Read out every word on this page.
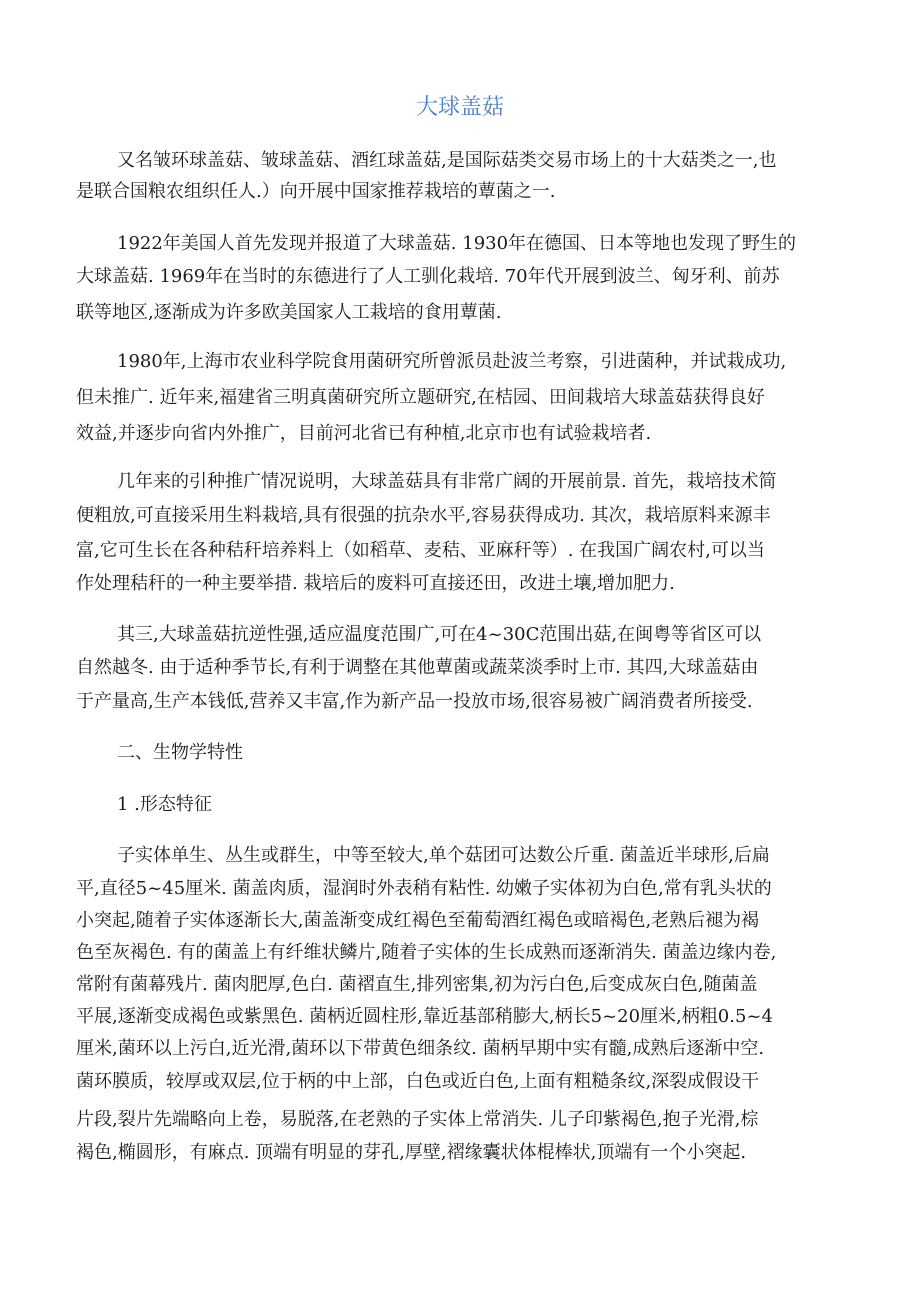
大球盖菇

又名皱环球盖菇、皱球盖菇、酒红球盖菇,是国际菇类交易市场上的十大菇类之一,也

是联合国粮农组织任人.）向开展中国家推荐栽培的蕈菌之一.

1922年美国人首先发现并报道了大球盖菇. 1930年在德国、日本等地也发现了野生的

大球盖菇. 1969年在当时的东德进行了人工驯化栽培. 70年代开展到波兰、匈牙利、前苏

联等地区,逐渐成为许多欧美国家人工栽培的食用蕈菌.

1980年,上海市农业科学院食用菌研究所曾派员赴波兰考察，引进菌种，并试栽成功,

但未推广. 近年来,福建省三明真菌研究所立题研究,在桔园、田间栽培大球盖菇获得良好

效益,并逐步向省内外推广，目前河北省已有种植,北京市也有试验栽培者.

几年来的引种推广情况说明，大球盖菇具有非常广阔的开展前景. 首先，栽培技术简

便粗放,可直接采用生料栽培,具有很强的抗杂水平,容易获得成功. 其次，栽培原料来源丰

富,它可生长在各种秸秆培养料上（如稻草、麦秸、亚麻秆等）. 在我国广阔农村,可以当

作处理秸秆的一种主要举措. 栽培后的废料可直接还田，改进土壤,增加肥力.

其三,大球盖菇抗逆性强,适应温度范围广,可在4~30C范围出菇,在闽粤等省区可以

自然越冬. 由于适种季节长,有利于调整在其他蕈菌或蔬菜淡季时上市. 其四,大球盖菇由

于产量高,生产本钱低,营养又丰富,作为新产品一投放市场,很容易被广阔消费者所接受.

二、生物学特性

1 .形态特征

子实体单生、丛生或群生，中等至较大,单个菇团可达数公斤重. 菌盖近半球形,后扁

平,直径5~45厘米. 菌盖肉质，湿润时外表稍有粘性. 幼嫩子实体初为白色,常有乳头状的

小突起,随着子实体逐渐长大,菌盖渐变成红褐色至葡萄酒红褐色或暗褐色,老熟后褪为褐

色至灰褐色. 有的菌盖上有纤维状鳞片,随着子实体的生长成熟而逐渐消失. 菌盖边缘内卷,

常附有菌幕残片. 菌肉肥厚,色白. 菌褶直生,排列密集,初为污白色,后变成灰白色,随菌盖

平展,逐渐变成褐色或紫黑色. 菌柄近圆柱形,靠近基部稍膨大,柄长5~20厘米,柄粗0.5~4

厘米,菌环以上污白,近光滑,菌环以下带黄色细条纹. 菌柄早期中实有髓,成熟后逐渐中空.

菌环膜质，较厚或双层,位于柄的中上部，白色或近白色,上面有粗糙条纹,深裂成假设干

片段,裂片先端略向上卷，易脱落,在老熟的子实体上常消失. 儿子印紫褐色,抱子光滑,棕

褐色,椭圆形，有麻点. 顶端有明显的芽孔,厚壁,褶缘囊状体棍棒状,顶端有一个小突起.
